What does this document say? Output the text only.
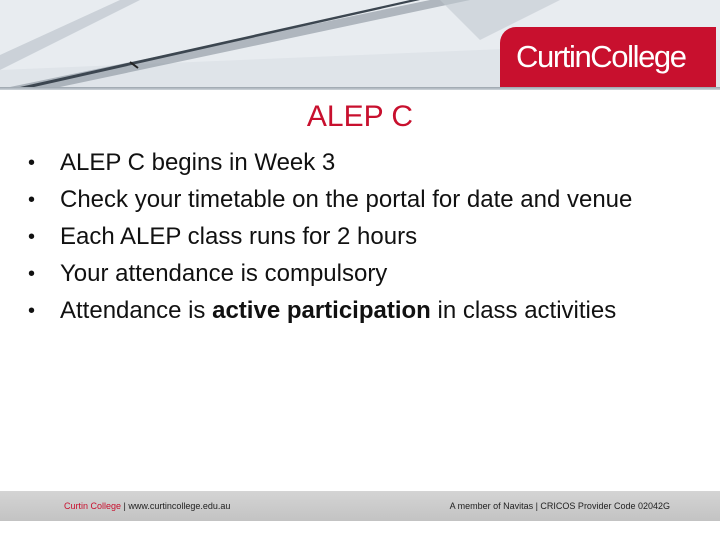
CurtinCollege
ALEP C
• ALEP C begins in Week 3
• Check your timetable on the portal for date and venue
• Each ALEP class runs for 2 hours
• Your attendance is compulsory
• Attendance is active participation in class activities
Curtin College | www.curtincollege.edu.au	A member of Navitas | CRICOS Provider Code 02042G
